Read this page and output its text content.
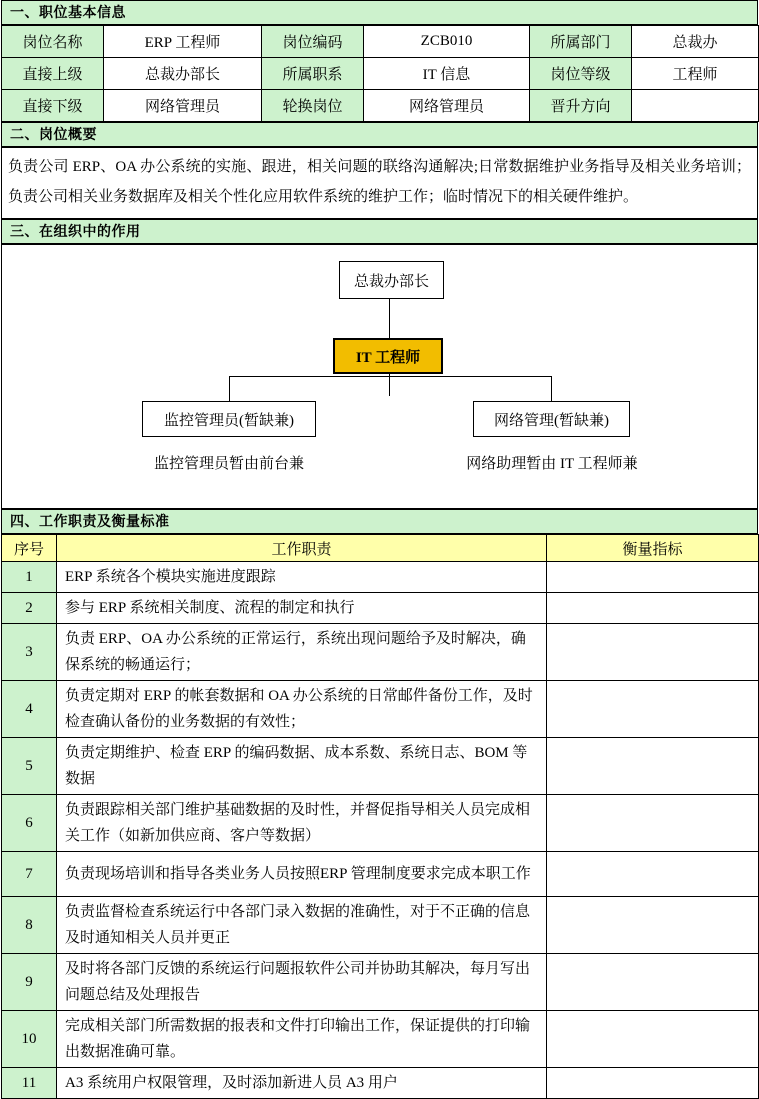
一、职位基本信息
岗位名称	ERP 工程师	岗位编码	ZCB010	所属部门	总裁办
直接上级	总裁办部长	所属职系	IT 信息	岗位等级	工程师
直接下级	网络管理员	轮换岗位	网络管理员	晋升方向	
二、岗位概要
负责公司 ERP、OA 办公系统的实施、跟进，相关问题的联络沟通解决;日常数据维护业务指导及相关业务培训；负责公司相关业务数据库及相关个性化应用软件系统的维护工作；临时情况下的相关硬件维护。
三、在组织中的作用
总裁办部长
IT 工程师
监控管理员(暂缺兼)	网络管理(暂缺兼)
监控管理员暂由前台兼	网络助理暂由 IT 工程师兼
四、工作职责及衡量标准
序号	工作职责	衡量指标
1	ERP 系统各个模块实施进度跟踪	
2	参与 ERP 系统相关制度、流程的制定和执行	
3	负责 ERP、OA 办公系统的正常运行，系统出现问题给予及时解决，确保系统的畅通运行；	
4	负责定期对 ERP 的帐套数据和 OA 办公系统的日常邮件备份工作，及时检查确认备份的业务数据的有效性；	
5	负责定期维护、检查 ERP 的编码数据、成本系数、系统日志、BOM 等数据	
6	负责跟踪相关部门维护基础数据的及时性，并督促指导相关人员完成相关工作（如新加供应商、客户等数据）	
7	负责现场培训和指导各类业务人员按照ERP 管理制度要求完成本职工作	
8	负责监督检查系统运行中各部门录入数据的准确性，对于不正确的信息及时通知相关人员并更正	
9	及时将各部门反馈的系统运行问题报软件公司并协助其解决，每月写出问题总结及处理报告	
10	完成相关部门所需数据的报表和文件打印输出工作，保证提供的打印输出数据准确可靠。	
11	A3 系统用户权限管理，及时添加新进人员 A3 用户	
